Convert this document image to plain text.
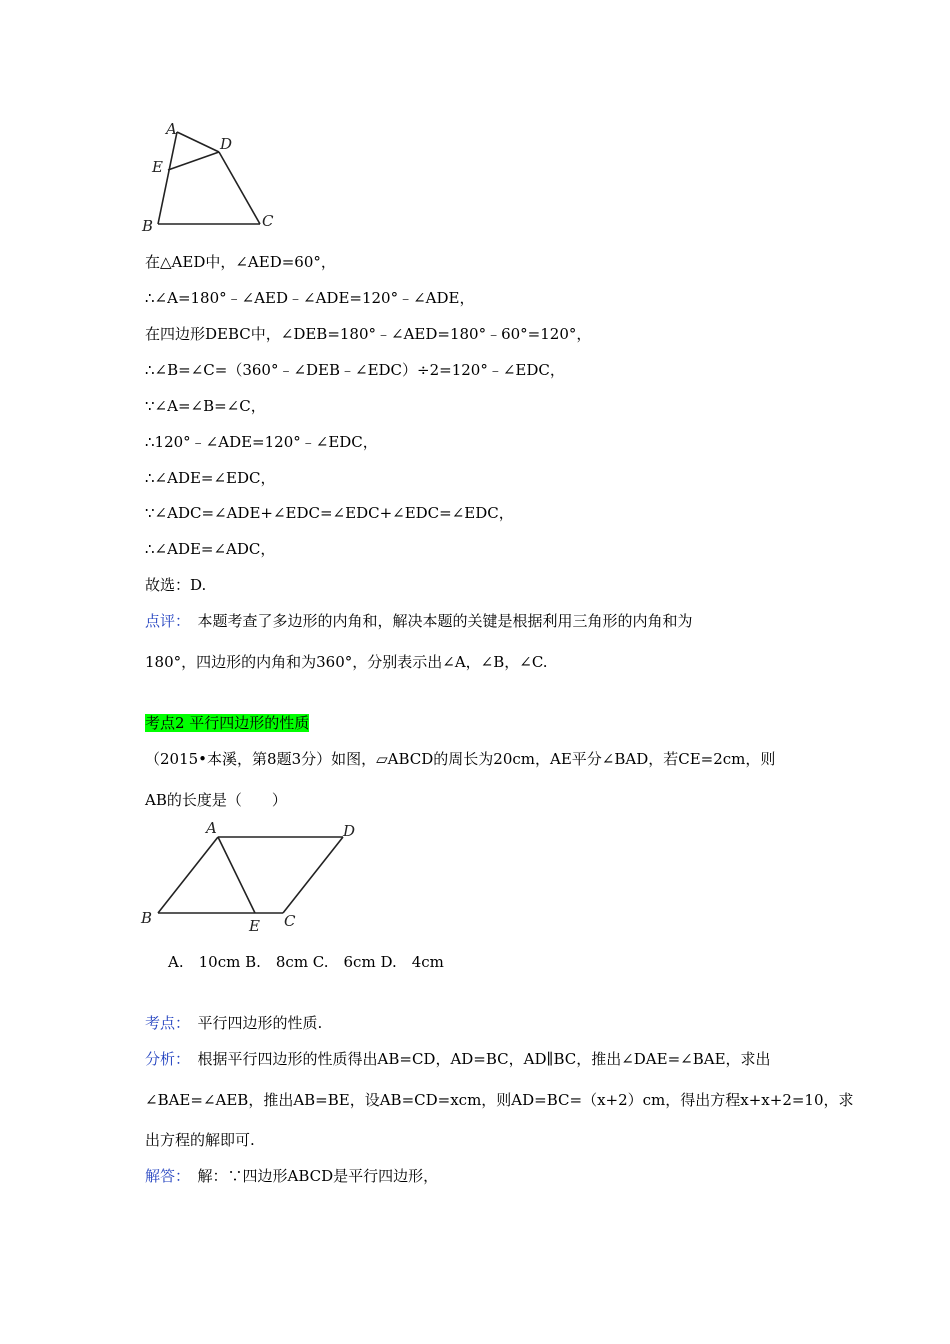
A
D
E
B	C
在△AED中，∠AED=60°，
∴∠A=180°﹣∠AED﹣∠ADE=120°﹣∠ADE，
在四边形DEBC中，∠DEB=180°﹣∠AED=180°﹣60°=120°，
∴∠B=∠C=（360°﹣∠DEB﹣∠EDC）÷2=120°﹣∠EDC，
∵∠A=∠B=∠C，
∴120°﹣∠ADE=120°﹣∠EDC，
∴∠ADE=∠EDC，
∵∠ADC=∠ADE+∠EDC=∠EDC+∠EDC=∠EDC，
∴∠ADE=∠ADC，
故选：D.
点评：　本题考查了多边形的内角和，解决本题的关键是根据利用三角形的内角和为
180°，四边形的内角和为360°，分别表示出∠A，∠B，∠C.
考点2 平行四边形的性质
（2015•本溪，第8题3分）如图，▱ABCD的周长为20cm，AE平分∠BAD，若CE=2cm，则
AB的长度是（　　）
A	D
B	E C
A.　10cm B.　8cm C.　6cm D.　4cm
考点：　平行四边形的性质.
分析：　根据平行四边形的性质得出AB=CD，AD=BC，AD∥BC，推出∠DAE=∠BAE，求出
∠BAE=∠AEB，推出AB=BE，设AB=CD=xcm，则AD=BC=（x+2）cm，得出方程x+x+2=10，求
出方程的解即可.
解答：　解：∵四边形ABCD是平行四边形，
